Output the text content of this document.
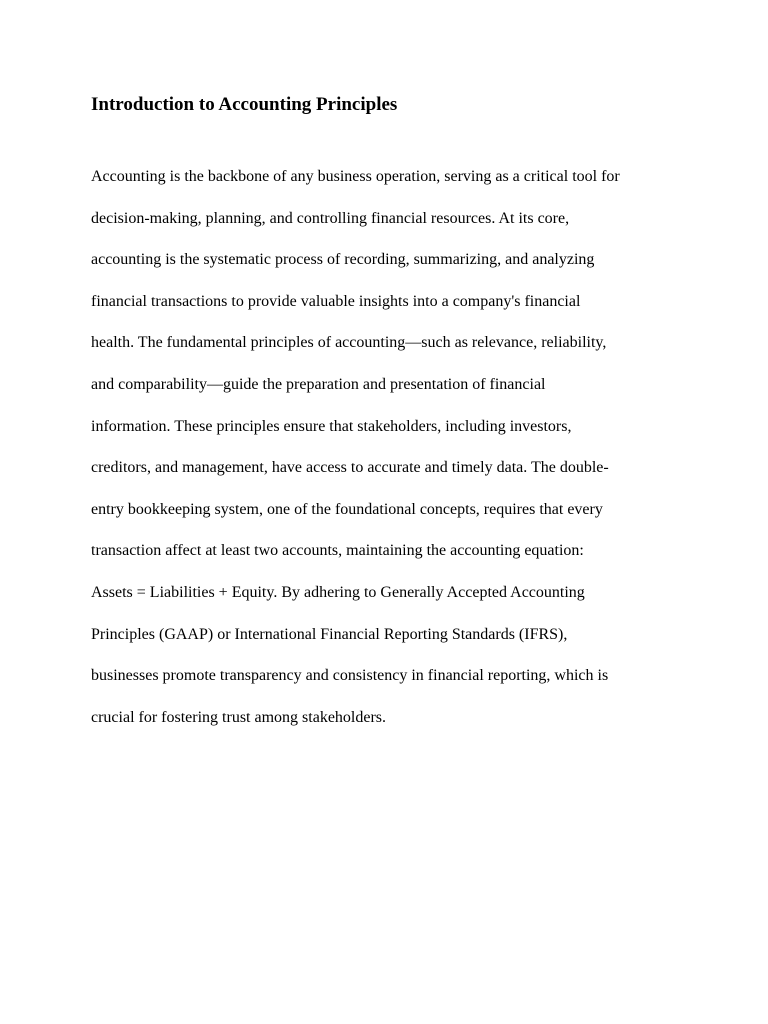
Introduction to Accounting Principles

Accounting is the backbone of any business operation, serving as a critical tool for
decision-making, planning, and controlling financial resources. At its core,
accounting is the systematic process of recording, summarizing, and analyzing
financial transactions to provide valuable insights into a company's financial
health. The fundamental principles of accounting—such as relevance, reliability,
and comparability—guide the preparation and presentation of financial
information. These principles ensure that stakeholders, including investors,
creditors, and management, have access to accurate and timely data. The double-
entry bookkeeping system, one of the foundational concepts, requires that every
transaction affect at least two accounts, maintaining the accounting equation:
Assets = Liabilities + Equity. By adhering to Generally Accepted Accounting
Principles (GAAP) or International Financial Reporting Standards (IFRS),
businesses promote transparency and consistency in financial reporting, which is
crucial for fostering trust among stakeholders.
